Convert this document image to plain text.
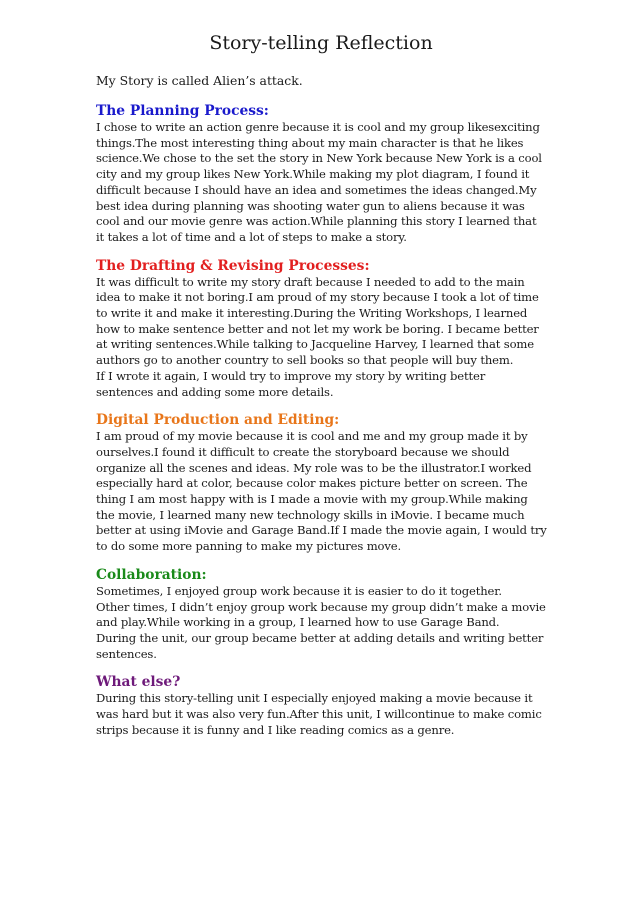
Story-telling Reflection

My Story is called Alien’s attack.

The Planning Process:

I chose to write an action genre because it is cool and my group likesexciting
things.The most interesting thing about my main character is that he likes
science.We chose to the set the story in New York because New York is a cool
city and my group likes New York.While making my plot diagram, I found it
difficult because I should have an idea and sometimes the ideas changed.My
best idea during planning was shooting water gun to aliens because it was
cool and our movie genre was action.While planning this story I learned that
it takes a lot of time and a lot of steps to make a story.

The Drafting & Revising Processes:

It was difficult to write my story draft because I needed to add to the main
idea to make it not boring.I am proud of my story because I took a lot of time
to write it and make it interesting.During the Writing Workshops, I learned
how to make sentence better and not let my work be boring. I became better
at writing sentences.While talking to Jacqueline Harvey, I learned that some
authors go to another country to sell books so that people will buy them.
If I wrote it again, I would try to improve my story by writing better
sentences and adding some more details.

Digital Production and Editing:

I am proud of my movie because it is cool and me and my group made it by
ourselves.I found it difficult to create the storyboard because we should
organize all the scenes and ideas. My role was to be the illustrator.I worked
especially hard at color, because color makes picture better on screen. The
thing I am most happy with is I made a movie with my group.While making
the movie, I learned many new technology skills in iMovie. I became much
better at using iMovie and Garage Band.If I made the movie again, I would try
to do some more panning to make my pictures move.

Collaboration:

Sometimes, I enjoyed group work because it is easier to do it together.
Other times, I didn’t enjoy group work because my group didn’t make a movie
and play.While working in a group, I learned how to use Garage Band.
During the unit, our group became better at adding details and writing better
sentences.

What else?

During this story-telling unit I especially enjoyed making a movie because it
was hard but it was also very fun.After this unit, I willcontinue to make comic
strips because it is funny and I like reading comics as a genre.
